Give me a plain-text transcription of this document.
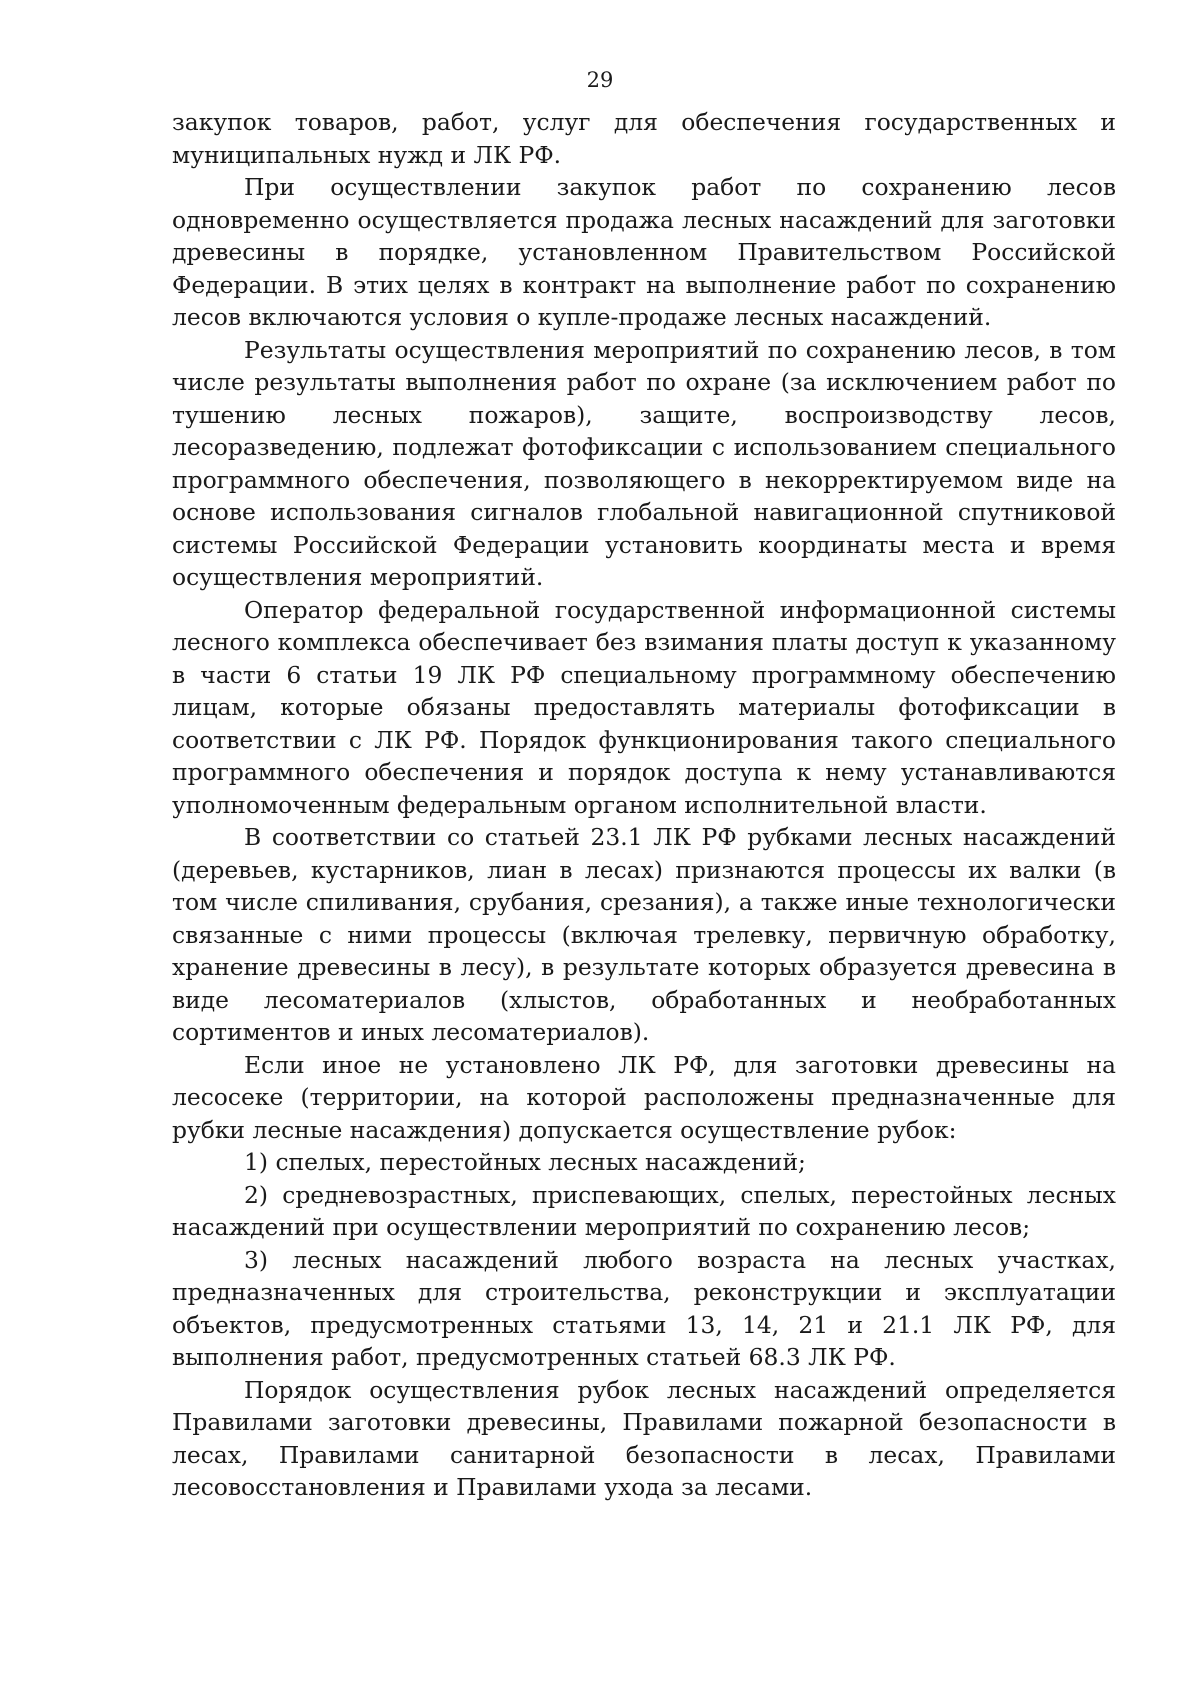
29

закупок товаров, работ, услуг для обеспечения государственных и муниципальных нужд и ЛК РФ.

При осуществлении закупок работ по сохранению лесов одновременно осуществляется продажа лесных насаждений для заготовки древесины в порядке, установленном Правительством Российской Федерации. В этих целях в контракт на выполнение работ по сохранению лесов включаются условия о купле-продаже лесных насаждений.

Результаты осуществления мероприятий по сохранению лесов, в том числе результаты выполнения работ по охране (за исключением работ по тушению лесных пожаров), защите, воспроизводству лесов, лесоразведению, подлежат фотофиксации с использованием специального программного обеспечения, позволяющего в некорректируемом виде на основе использования сигналов глобальной навигационной спутниковой системы Российской Федерации установить координаты места и время осуществления мероприятий.

Оператор федеральной государственной информационной системы лесного комплекса обеспечивает без взимания платы доступ к указанному в части 6 статьи 19 ЛК РФ специальному программному обеспечению лицам, которые обязаны предоставлять материалы фотофиксации в соответствии с ЛК РФ. Порядок функционирования такого специального программного обеспечения и порядок доступа к нему устанавливаются уполномоченным федеральным органом исполнительной власти.

В соответствии со статьей 23.1 ЛК РФ рубками лесных насаждений (деревьев, кустарников, лиан в лесах) признаются процессы их валки (в том числе спиливания, срубания, срезания), а также иные технологически связанные с ними процессы (включая трелевку, первичную обработку, хранение древесины в лесу), в результате которых образуется древесина в виде лесоматериалов (хлыстов, обработанных и необработанных сортиментов и иных лесоматериалов).

Если иное не установлено ЛК РФ, для заготовки древесины на лесосеке (территории, на которой расположены предназначенные для рубки лесные насаждения) допускается осуществление рубок:

1) спелых, перестойных лесных насаждений;

2) средневозрастных, приспевающих, спелых, перестойных лесных насаждений при осуществлении мероприятий по сохранению лесов;

3) лесных насаждений любого возраста на лесных участках, предназначенных для строительства, реконструкции и эксплуатации объектов, предусмотренных статьями 13, 14, 21 и 21.1 ЛК РФ, для выполнения работ, предусмотренных статьей 68.3 ЛК РФ.

Порядок осуществления рубок лесных насаждений определяется Правилами заготовки древесины, Правилами пожарной безопасности в лесах, Правилами санитарной безопасности в лесах, Правилами лесовосстановления и Правилами ухода за лесами.
